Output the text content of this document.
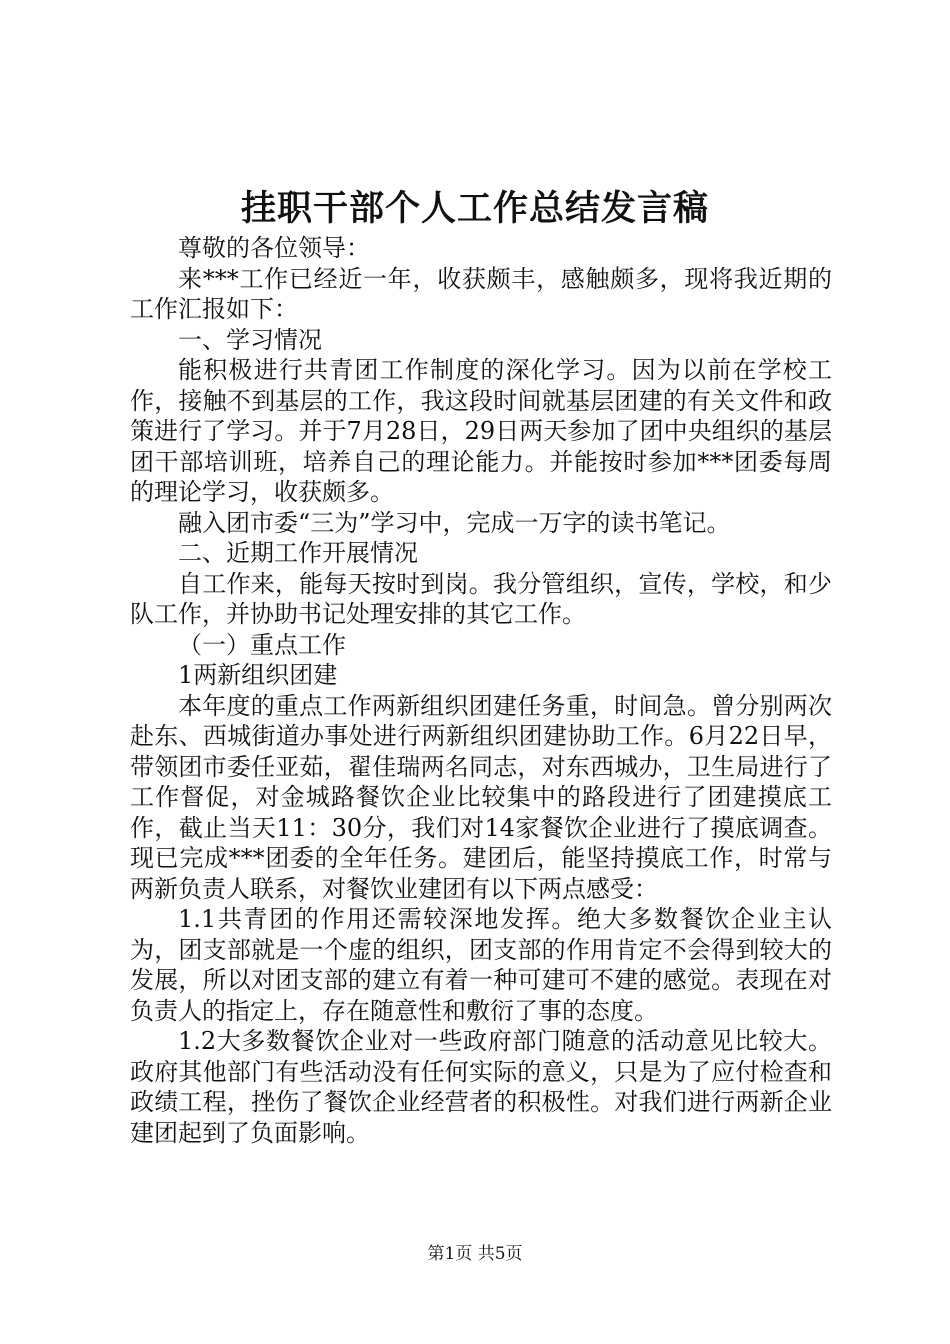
挂职干部个人工作总结发言稿

尊敬的各位领导：

来***工作已经近一年，收获颇丰，感触颇多，现将我近期的工作汇报如下：

一、学习情况

能积极进行共青团工作制度的深化学习。因为以前在学校工作，接触不到基层的工作，我这段时间就基层团建的有关文件和政策进行了学习。并于7月28日，29日两天参加了团中央组织的基层团干部培训班，培养自己的理论能力。并能按时参加***团委每周的理论学习，收获颇多。

融入团市委“三为”学习中，完成一万字的读书笔记。

二、近期工作开展情况

自工作来，能每天按时到岗。我分管组织，宣传，学校，和少队工作，并协助书记处理安排的其它工作。

（一）重点工作

1两新组织团建

本年度的重点工作两新组织团建任务重，时间急。曾分别两次赴东、西城街道办事处进行两新组织团建协助工作。6月22日早，带领团市委任亚茹，翟佳瑞两名同志，对东西城办，卫生局进行了工作督促，对金城路餐饮企业比较集中的路段进行了团建摸底工作，截止当天11：30分，我们对14家餐饮企业进行了摸底调查。现已完成***团委的全年任务。建团后，能坚持摸底工作，时常与两新负责人联系，对餐饮业建团有以下两点感受：

1.1共青团的作用还需较深地发挥。绝大多数餐饮企业主认为，团支部就是一个虚的组织，团支部的作用肯定不会得到较大的发展，所以对团支部的建立有着一种可建可不建的感觉。表现在对负责人的指定上，存在随意性和敷衍了事的态度。

1.2大多数餐饮企业对一些政府部门随意的活动意见比较大。政府其他部门有些活动没有任何实际的意义，只是为了应付检查和政绩工程，挫伤了餐饮企业经营者的积极性。对我们进行两新企业建团起到了负面影响。

第1页 共5页
